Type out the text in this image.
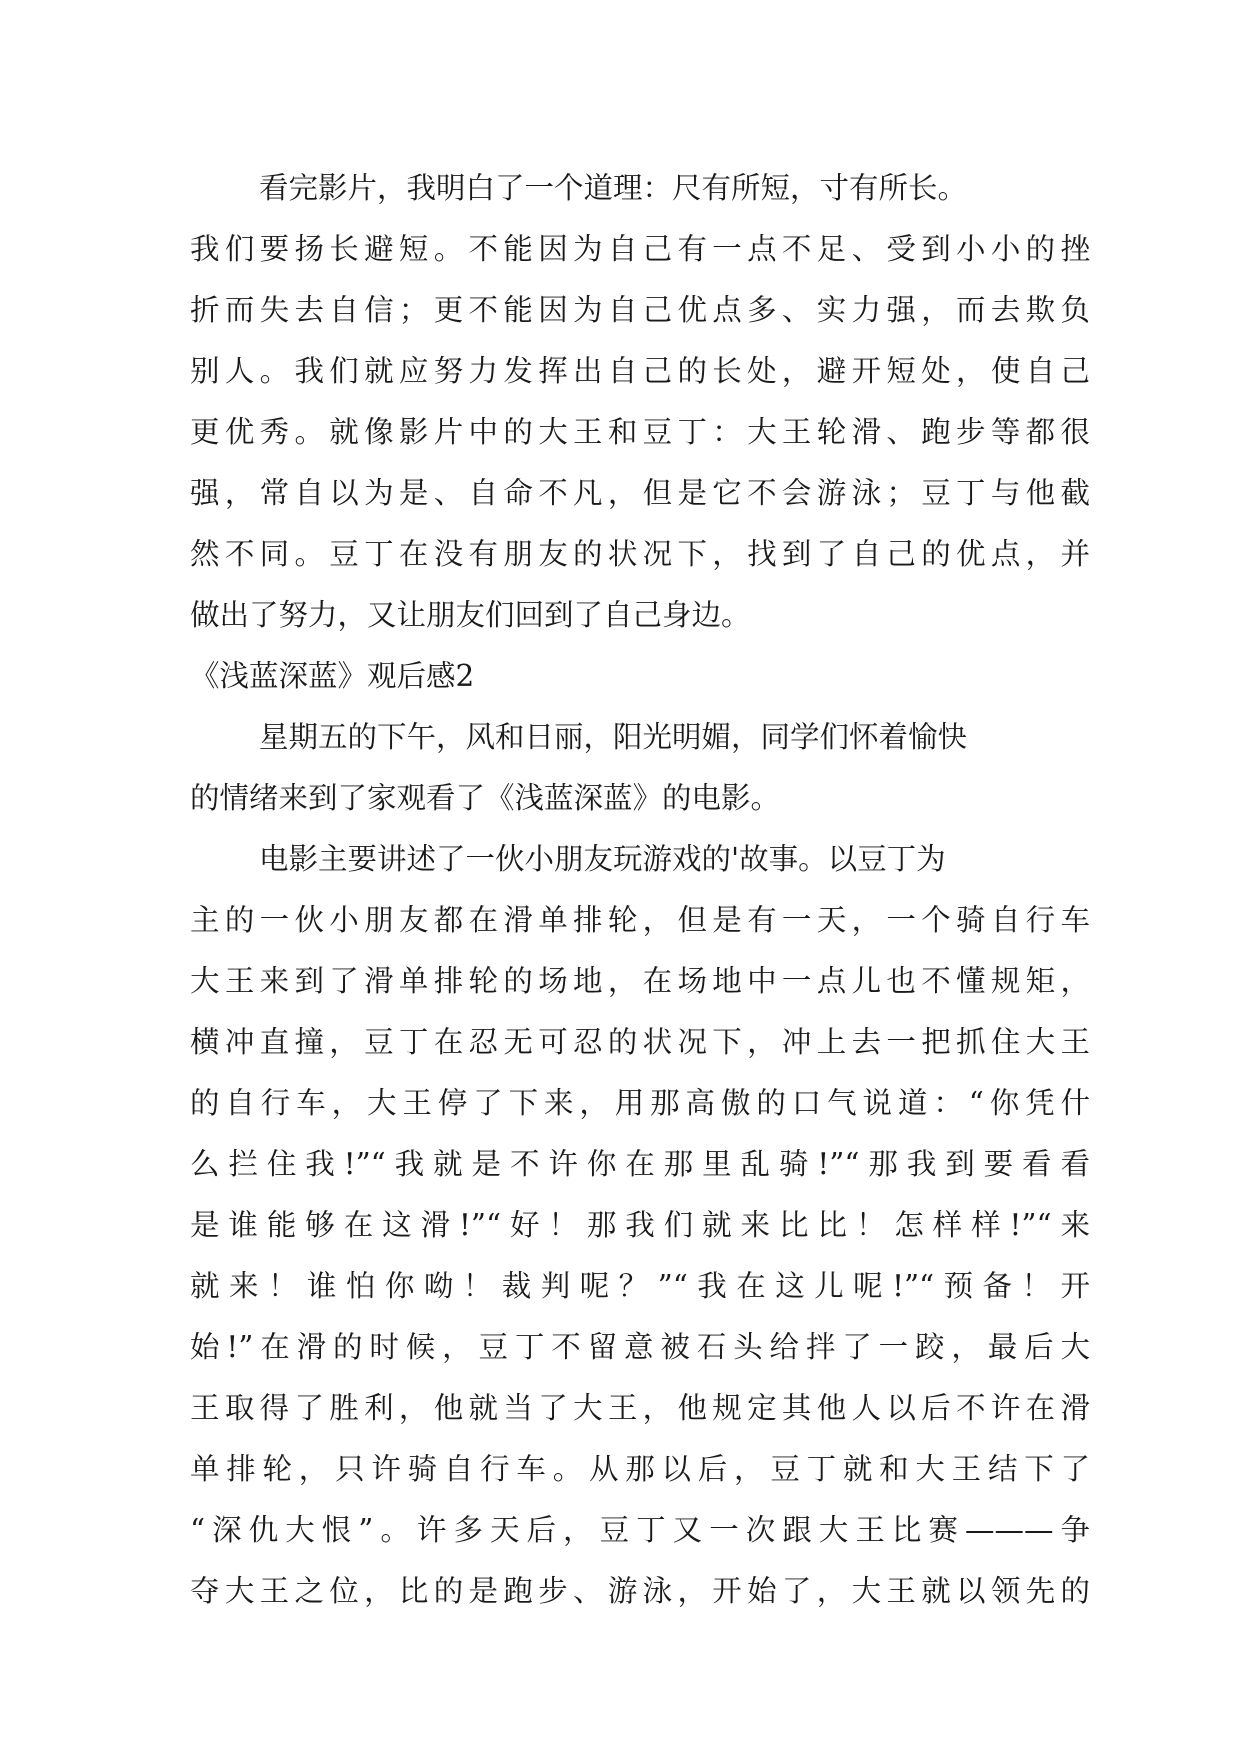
看完影片，我明白了一个道理：尺有所短，寸有所长。
我们要扬长避短。不能因为自己有一点不足、受到小小的挫
折而失去自信；更不能因为自己优点多、实力强，而去欺负
别人。我们就应努力发挥出自己的长处，避开短处，使自己
更优秀。就像影片中的大王和豆丁：大王轮滑、跑步等都很
强，常自以为是、自命不凡，但是它不会游泳；豆丁与他截
然不同。豆丁在没有朋友的状况下，找到了自己的优点，并
做出了努力，又让朋友们回到了自己身边。
《浅蓝深蓝》观后感2
星期五的下午，风和日丽，阳光明媚，同学们怀着愉快
的情绪来到了家观看了《浅蓝深蓝》的电影。
电影主要讲述了一伙小朋友玩游戏的'故事。以豆丁为
主的一伙小朋友都在滑单排轮，但是有一天，一个骑自行车
大王来到了滑单排轮的场地，在场地中一点儿也不懂规矩，
横冲直撞，豆丁在忍无可忍的状况下，冲上去一把抓住大王
的自行车，大王停了下来，用那高傲的口气说道：“你凭什
么拦住我!”“我就是不许你在那里乱骑!”“那我到要看看
是谁能够在这滑!”“好！那我们就来比比！怎样样!”“来
就来！谁怕你呦！裁判呢？”“我在这儿呢!”“预备！开
始!”在滑的时候，豆丁不留意被石头给拌了一跤，最后大
王取得了胜利，他就当了大王，他规定其他人以后不许在滑
单排轮，只许骑自行车。从那以后，豆丁就和大王结下了
“深仇大恨”。许多天后，豆丁又一次跟大王比赛———争
夺大王之位，比的是跑步、游泳，开始了，大王就以领先的
